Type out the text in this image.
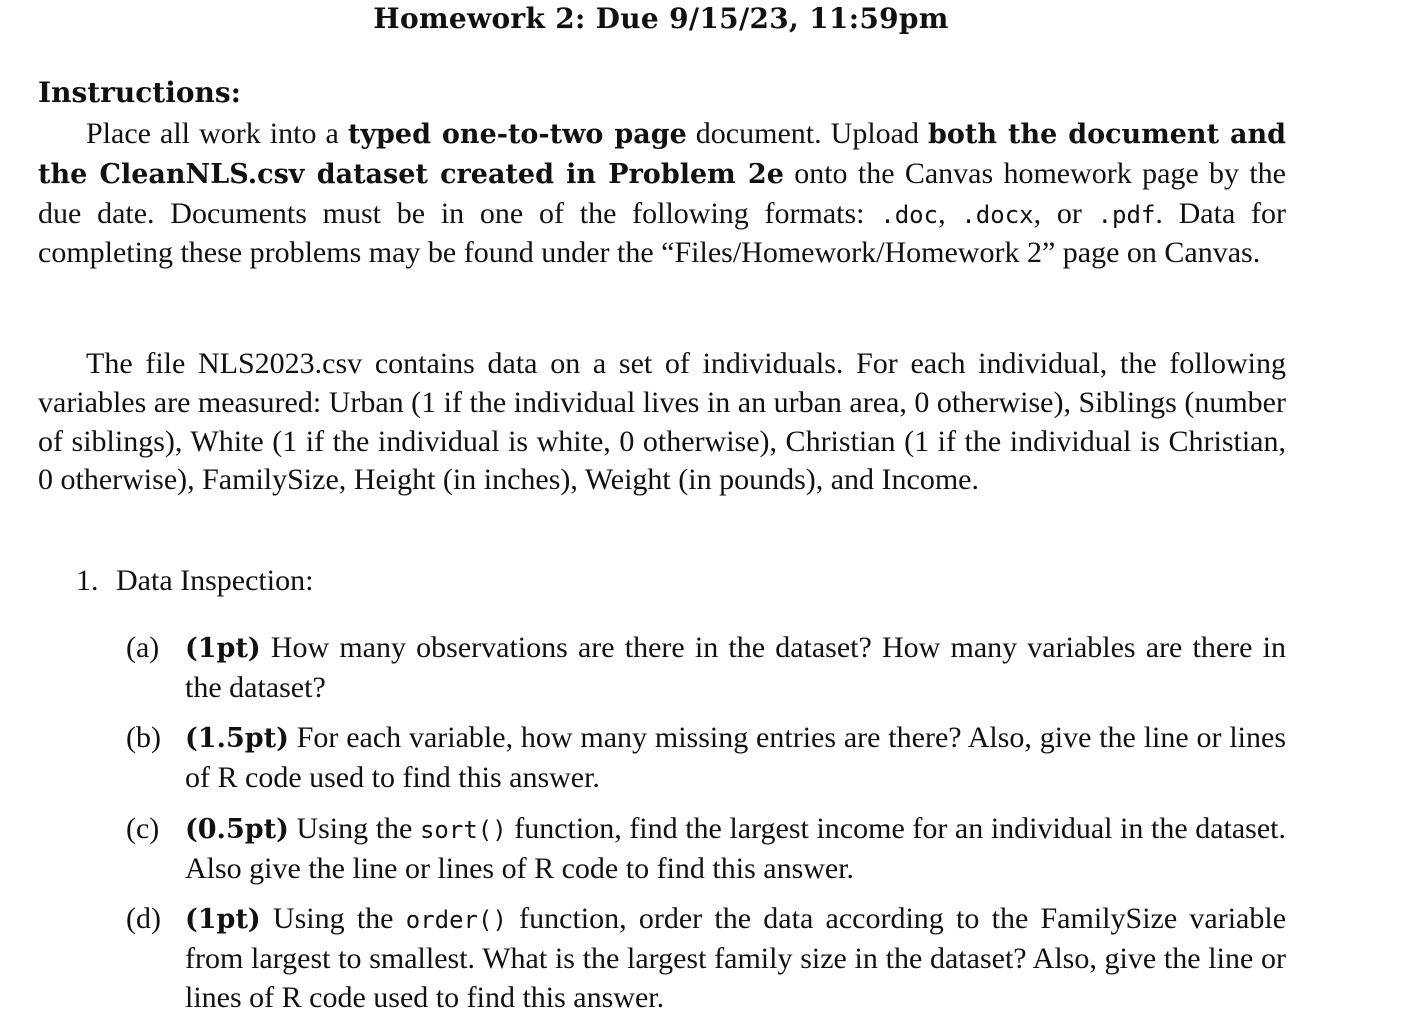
Homework 2: Due 9/15/23, 11:59pm
Instructions:

Place all work into a typed one-to-two page document. Upload both the document and the CleanNLS.csv dataset created in Problem 2e onto the Canvas homework page by the due date. Documents must be in one of the following formats: .doc, .docx, or .pdf. Data for completing these problems may be found under the “Files/Homework/Homework 2” page on Canvas.

The file NLS2023.csv contains data on a set of individuals. For each individual, the following variables are measured: Urban (1 if the individual lives in an urban area, 0 otherwise), Siblings (number of siblings), White (1 if the individual is white, 0 otherwise), Christian (1 if the individual is Christian, 0 otherwise), FamilySize, Height (in inches), Weight (in pounds), and Income.

1. Data Inspection:
(a) (1pt) How many observations are there in the dataset? How many variables are there in the dataset?
(b) (1.5pt) For each variable, how many missing entries are there? Also, give the line or lines of R code used to find this answer.
(c) (0.5pt) Using the sort() function, find the largest income for an individual in the dataset. Also give the line or lines of R code to find this answer.
(d) (1pt) Using the order() function, order the data according to the FamilySize variable from largest to smallest. What is the largest family size in the dataset? Also, give the line or lines of R code used to find this answer.
